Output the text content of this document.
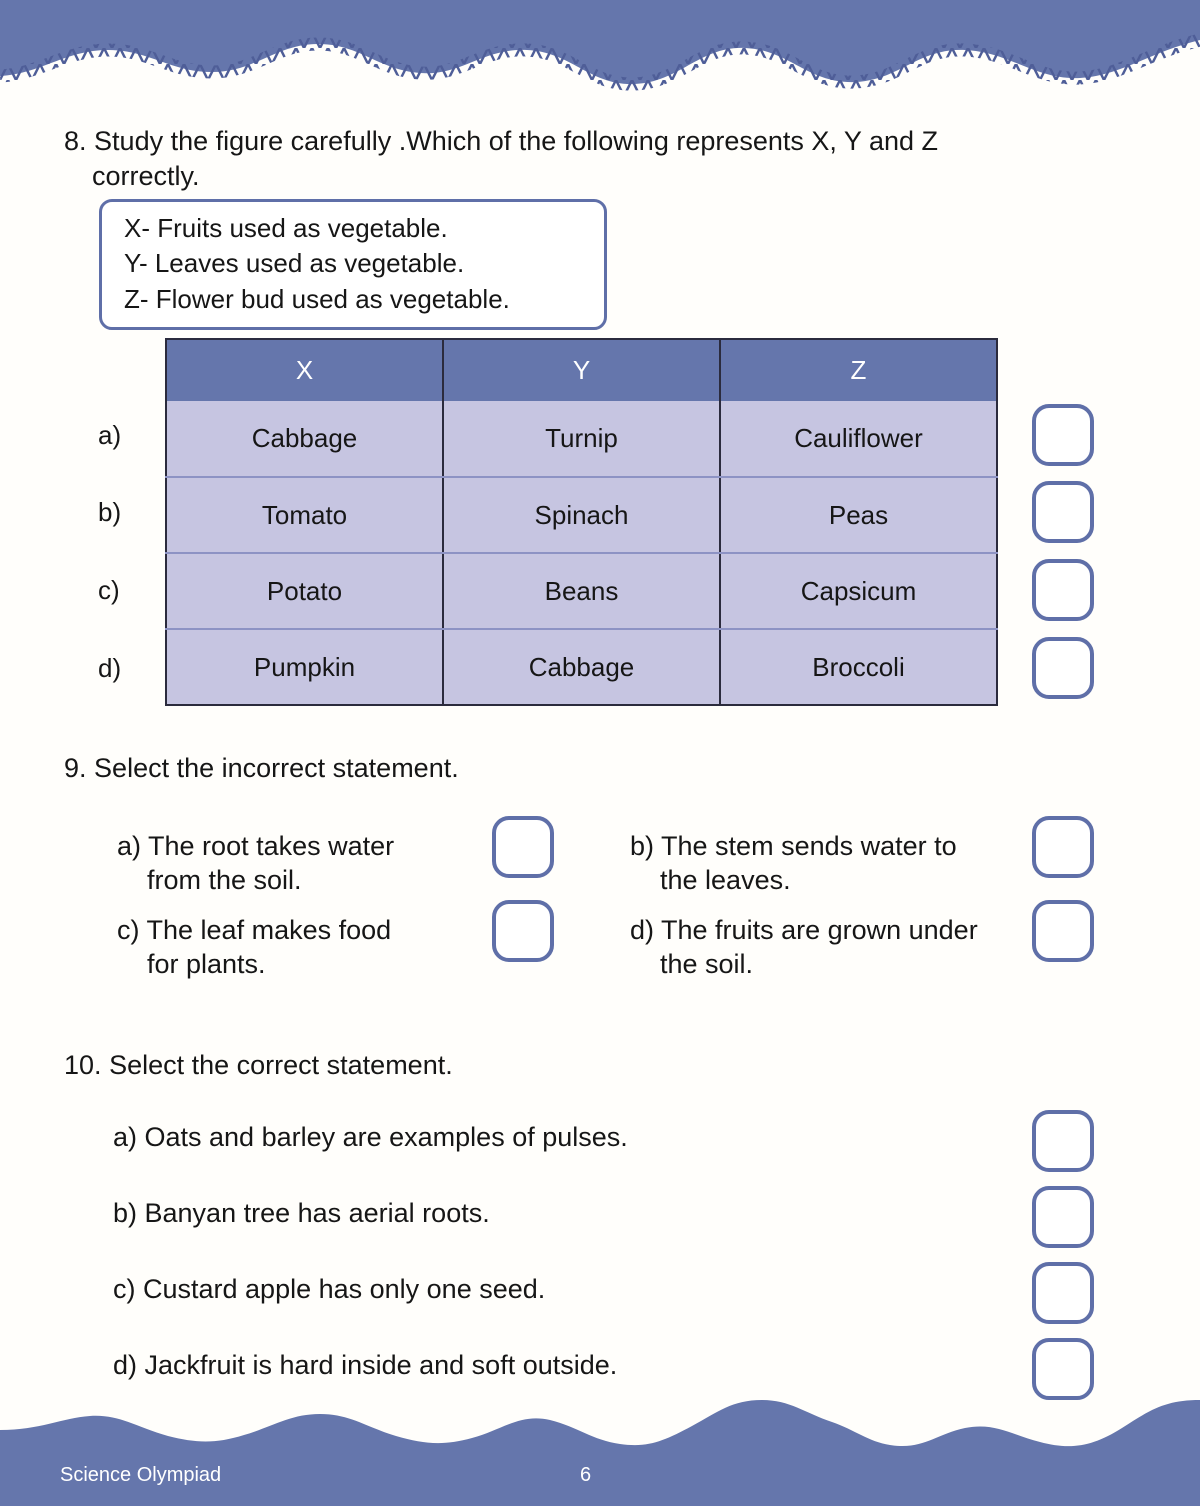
8. Study the figure carefully .Which of the following represents X, Y and Z
correctly.
X- Fruits used as vegetable.
Y- Leaves used as vegetable.
Z- Flower bud used as vegetable.
a)
b)
c)
d)
X	Y	Z
Cabbage	Turnip	Cauliflower
Tomato	Spinach	Peas
Potato	Beans	Capsicum
Pumpkin	Cabbage	Broccoli
9. Select the incorrect statement.
a) The root takes water
from the soil.
b) The stem sends water to
the leaves.
c) The leaf makes food
for plants.
d) The fruits are grown under
the soil.
10. Select the correct statement.
a) Oats and barley are examples of pulses.
b) Banyan tree has aerial roots.
c) Custard apple has only one seed.
d) Jackfruit is hard inside and soft outside.
